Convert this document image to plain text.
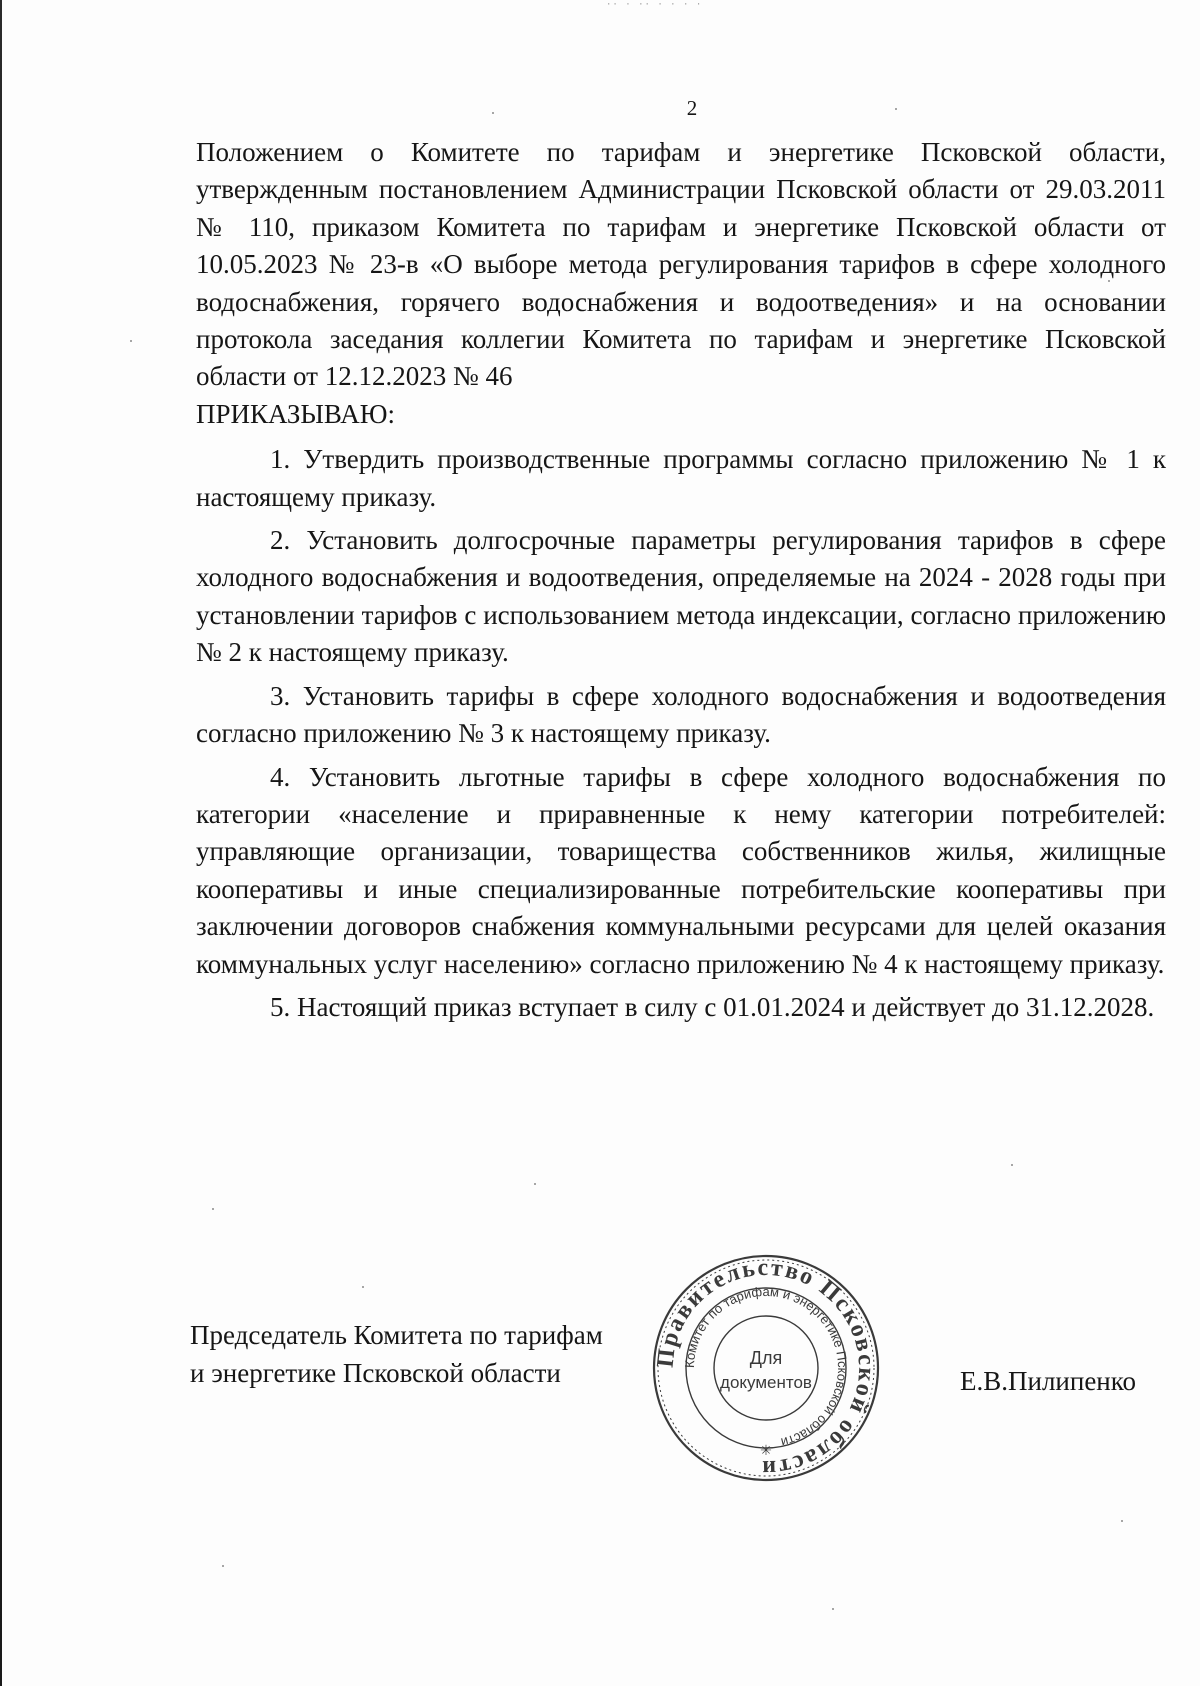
·· · ·· · · · ·
2

Положением о Комитете по тарифам и энергетике Псковской области, утвержденным постановлением Администрации Псковской области от 29.03.2011 № 110, приказом Комитета по тарифам и энергетике Псковской области от 10.05.2023 № 23-в «О выборе метода регулирования тарифов в сфере холодного водоснабжения, горячего водоснабжения и водоотведения» и на основании протокола заседания коллегии Комитета по тарифам и энергетике Псковской области от 12.12.2023 № 46

ПРИКАЗЫВАЮ:

1. Утвердить производственные программы согласно приложению № 1 к настоящему приказу.

2. Установить долгосрочные параметры регулирования тарифов в сфере холодного водоснабжения и водоотведения, определяемые на 2024 - 2028 годы при установлении тарифов с использованием метода индексации, согласно приложению № 2 к настоящему приказу.

3. Установить тарифы в сфере холодного водоснабжения и водоотведения согласно приложению № 3 к настоящему приказу.

4. Установить льготные тарифы в сфере холодного водоснабжения по категории «население и приравненные к нему категории потребителей: управляющие организации, товарищества собственников жилья, жилищные кооперативы и иные специализированные потребительские кооперативы при заключении договоров снабжения коммунальными ресурсами для целей оказания коммунальных услуг населению» согласно приложению № 4 к настоящему приказу.

5. Настоящий приказ вступает в силу с 01.01.2024 и действует до 31.12.2028.

Председатель Комитета по тарифам
и энергетике Псковской области
Правительство Псковской области
Комитет по тарифам и энергетике Псковской области
Для
документов
✳
Е.В.Пилипенко
